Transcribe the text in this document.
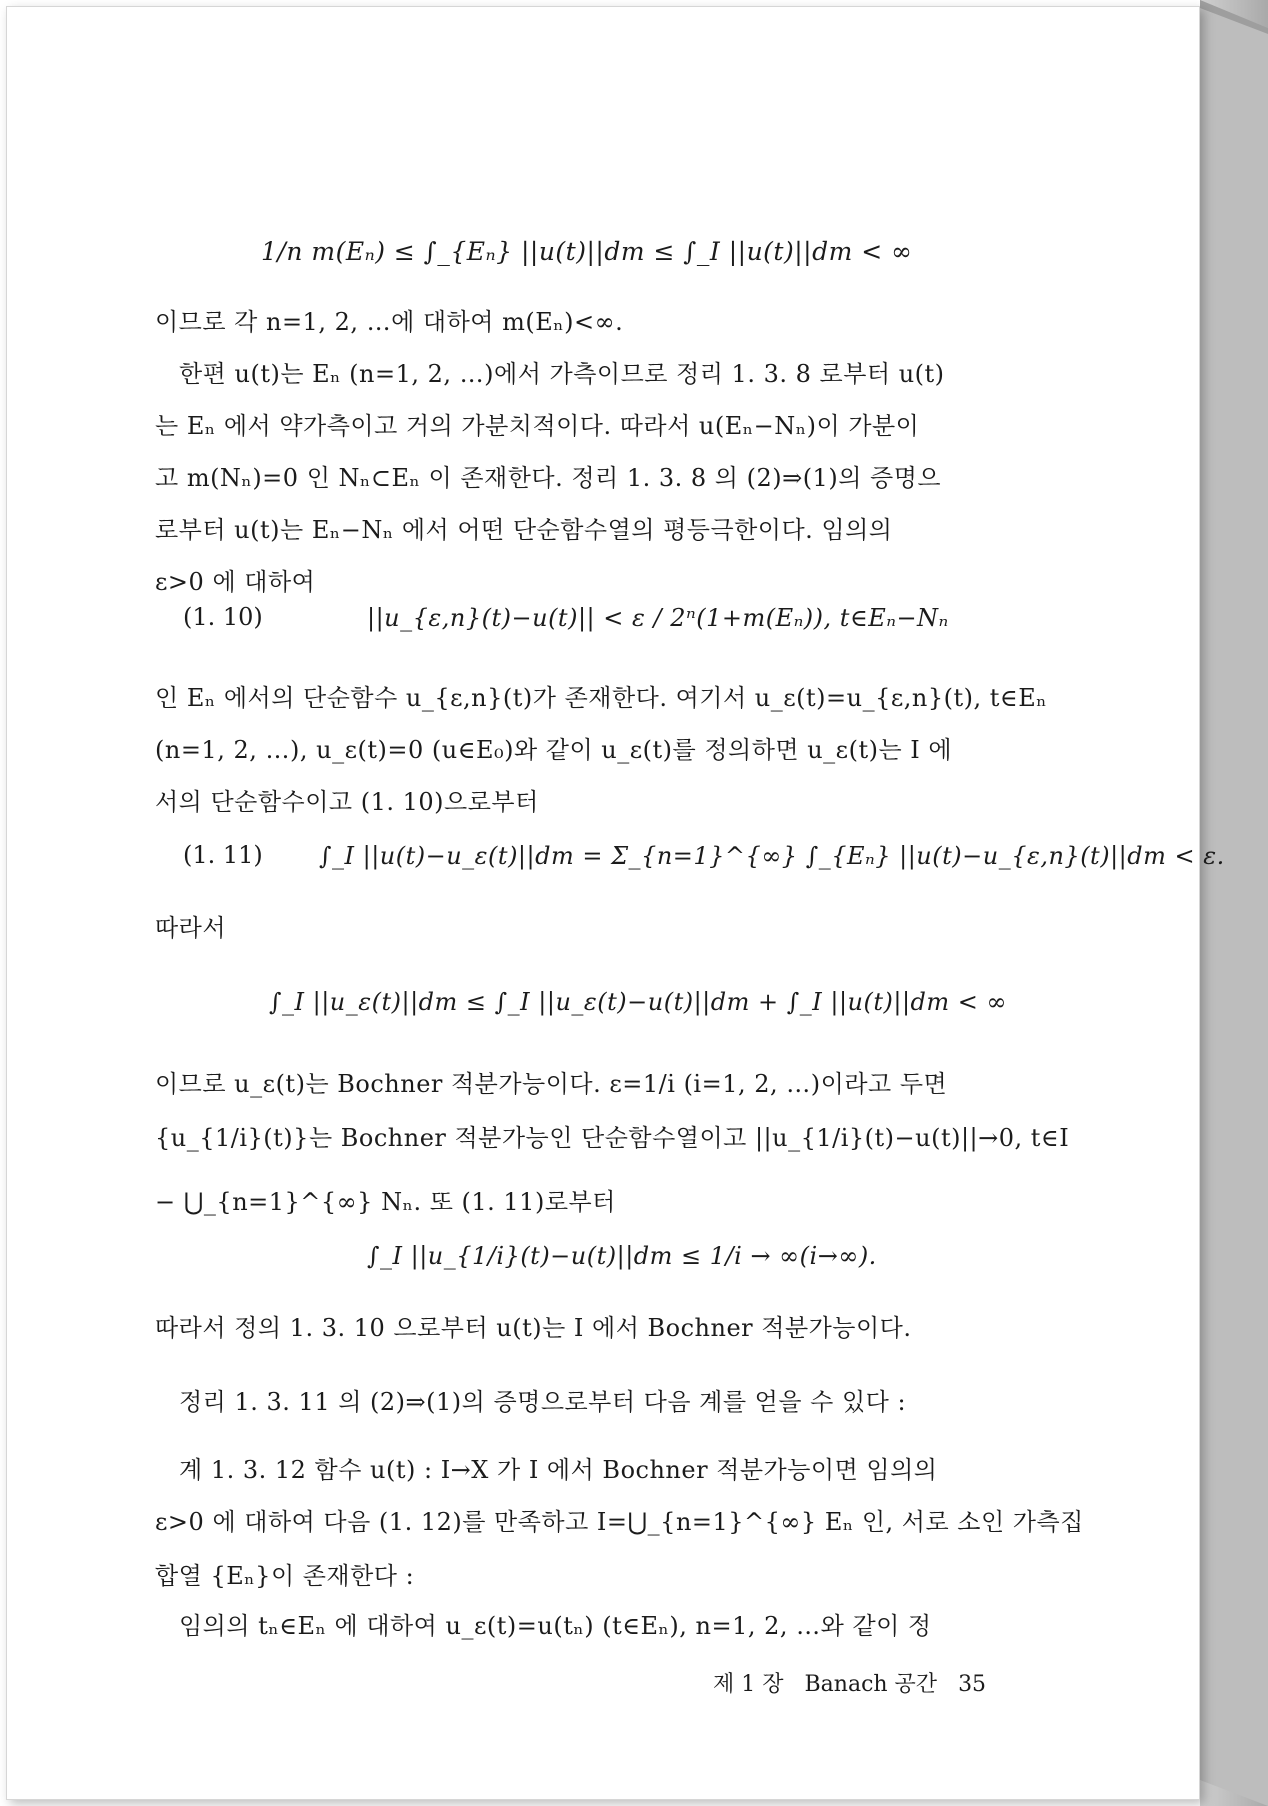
1/n m(Eₙ) ≤ ∫_{Eₙ} ||u(t)||dm ≤ ∫_I ||u(t)||dm < ∞
이므로 각 n=1, 2, …에 대하여 m(Eₙ)<∞.
한편 u(t)는 Eₙ (n=1, 2, …)에서 가측이므로 정리 1. 3. 8 로부터 u(t)
는 Eₙ 에서 약가측이고 거의 가분치적이다. 따라서 u(Eₙ−Nₙ)이 가분이
고 m(Nₙ)=0 인 Nₙ⊂Eₙ 이 존재한다. 정리 1. 3. 8 의 (2)⇒(1)의 증명으
로부터 u(t)는 Eₙ−Nₙ 에서 어떤 단순함수열의 평등극한이다. 임의의
ε>0 에 대하여
(1. 10)	||u_{ε,n}(t)−u(t)|| < ε / 2ⁿ(1+m(Eₙ)), t∈Eₙ−Nₙ
인 Eₙ 에서의 단순함수 u_{ε,n}(t)가 존재한다. 여기서 u_ε(t)=u_{ε,n}(t), t∈Eₙ
(n=1, 2, …), u_ε(t)=0 (u∈E₀)와 같이 u_ε(t)를 정의하면 u_ε(t)는 I 에
서의 단순함수이고 (1. 10)으로부터
(1. 11) ∫_I ||u(t)−u_ε(t)||dm = Σ_{n=1}^{∞} ∫_{Eₙ} ||u(t)−u_{ε,n}(t)||dm < ε.
따라서
∫_I ||u_ε(t)||dm ≤ ∫_I ||u_ε(t)−u(t)||dm + ∫_I ||u(t)||dm < ∞
이므로 u_ε(t)는 Bochner 적분가능이다. ε=1/i (i=1, 2, …)이라고 두면
{u_{1/i}(t)}는 Bochner 적분가능인 단순함수열이고 ||u_{1/i}(t)−u(t)||→0, t∈I
− ⋃_{n=1}^{∞} Nₙ. 또 (1. 11)로부터
∫_I ||u_{1/i}(t)−u(t)||dm ≤ 1/i → ∞(i→∞).
따라서 정의 1. 3. 10 으로부터 u(t)는 I 에서 Bochner 적분가능이다.
정리 1. 3. 11 의 (2)⇒(1)의 증명으로부터 다음 계를 얻을 수 있다 :
계 1. 3. 12 함수 u(t) : I→X 가 I 에서 Bochner 적분가능이면 임의의
ε>0 에 대하여 다음 (1. 12)를 만족하고 I=⋃_{n=1}^{∞} Eₙ 인, 서로 소인 가측집
합열 {Eₙ}이 존재한다 :
임의의 tₙ∈Eₙ 에 대하여 u_ε(t)=u(tₙ) (t∈Eₙ), n=1, 2, …와 같이 정
제 1 장 Banach 공간 35
